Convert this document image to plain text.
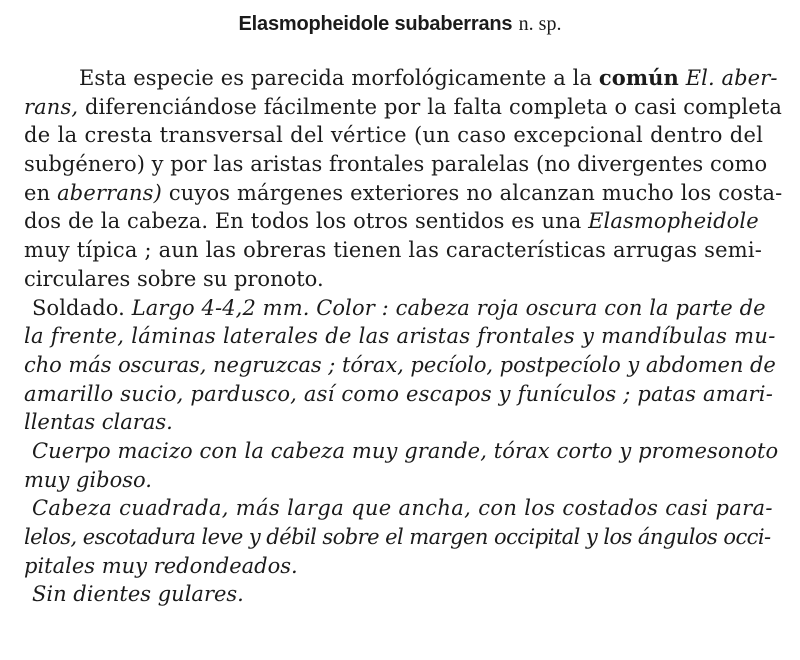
Elasmopheidole subaberrans n. sp.
Esta especie es parecida morfológicamente a la común El. aber-
rans, diferenciándose fácilmente por la falta completa o casi completa
de la cresta transversal del vértice (un caso excepcional dentro del
subgénero) y por las aristas frontales paralelas (no divergentes como
en aberrans) cuyos márgenes exteriores no alcanzan mucho los costa-
dos de la cabeza. En todos los otros sentidos es una Elasmopheidole
muy típica ; aun las obreras tienen las características arrugas semi-
circulares sobre su pronoto.
Soldado. Largo 4-4,2 mm. Color : cabeza roja oscura con la parte de
la frente, láminas laterales de las aristas frontales y mandíbulas mu-
cho más oscuras, negruzcas ; tórax, pecíolo, postpecíolo y abdomen de
amarillo sucio, pardusco, así como escapos y funículos ; patas amari-
llentas claras.
Cuerpo macizo con la cabeza muy grande, tórax corto y promesonoto
muy giboso.
Cabeza cuadrada, más larga que ancha, con los costados casi para-
lelos, escotadura leve y débil sobre el margen occipital y los ángulos occi-
pitales muy redondeados.
Sin dientes gulares.
